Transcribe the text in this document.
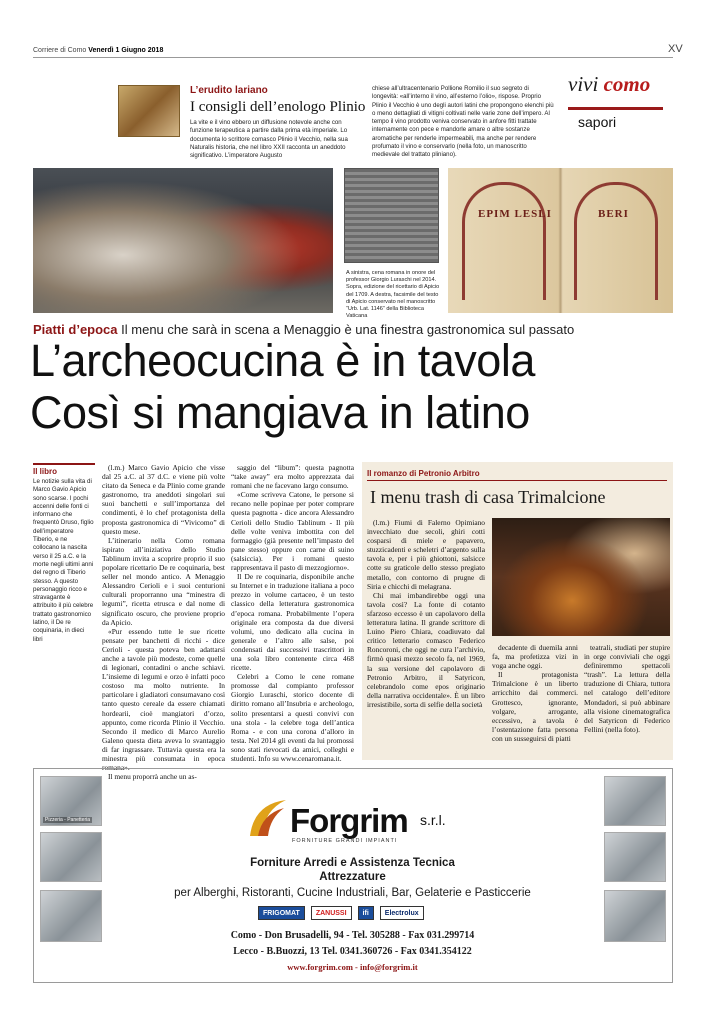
Corriere di Como Venerdì 1 Giugno 2018	XV
vivi como
sapori
L’erudito lariano
I consigli dell’enologo Plinio
La vite e il vino ebbero un diffusione notevole anche con funzione terapeutica a partire dalla prima età imperiale. Lo documenta lo scrittore comasco Plinio il Vecchio, nella sua Naturalis historia, che nel libro XXII racconta un aneddoto significativo. L’imperatore Augusto
chiese all’ultracentenario Pollione Romilio il suo segreto di longevità: «all’interno il vino, all’esterno l’olio», rispose. Proprio Plinio il Vecchio è uno degli autori latini che propongono elenchi più o meno dettagliati di vitigni coltivati nelle varie zone dell’impero. Al tempo il vino prodotto veniva conservato in anfore fitti trattate internamente con pece e mandorle amare o altre sostanze aromatiche per renderle impermeabili, ma anche per rendere profumato il vino e conservarlo (nella foto, un manoscritto medievale del trattato pliniano).
EPIM LESLI	BERI
A sinistra, cena romana in onore del professor Giorgio Luraschi nel 2014. Sopra, edizione del ricettario di Apicio del 1709. A destra, facsimile del testo di Apicio conservato nel manoscritto “Urb. Lat. 1146” della Biblioteca Vaticana
Piatti d’epoca Il menu che sarà in scena a Menaggio è una finestra gastronomica sul passato
L’archeocucina è in tavola
Così si mangiava in latino
Il libro
Le notizie sulla vita di Marco Gavio Apicio sono scarse. I pochi accenni delle fonti ci informano che frequentò Druso, figlio dell’imperatore Tiberio, e ne collocano la nascita verso il 25 a.C. e la morte negli ultimi anni del regno di Tiberio stesso. A questo personaggio ricco e stravagante è attribuito il più celebre trattato gastronomico latino, il De re coquinaria, in dieci libri

(l.m.) Marco Gavio Apicio che visse dal 25 a.C. al 37 d.C. e viene più volte citato da Seneca e da Plinio come grande gastronomo, tra aneddoti singolari sui suoi banchetti e sull’importanza del condimenti, è lo chef protagonista della proposta gastronomica di “Vivicomo” di questo mese.

L’itinerario nella Como romana ispirato all’iniziativa dello Studio Tablinum invita a scoprire proprio il suo popolare ricettario De re coquinaria, best seller nel mondo antico. A Menaggio Alessandro Cerioli e i suoi centurioni culturali proporranno una “minestra di legumi”, ricetta etrusca e dal nome di significato oscuro, che proviene proprio da Apicio.

«Pur essendo tutte le sue ricette pensate per banchetti di ricchi - dice Cerioli - questa poteva ben adattarsi anche a tavole più modeste, come quelle di legionari, contadini o anche schiavi. L’insieme di legumi e orzo è infatti poco costoso ma molto nutriente. In particolare i gladiatori consumavano così tanto questo cereale da essere chiamati hordearii, cioè mangiatori d’orzo, appunto, come ricorda Plinio il Vecchio. Secondo il medico di Marco Aurelio Galeno questa dieta aveva lo svantaggio di far ingrassare. Tuttavia questa era la minestra più consumata in epoca romana».

Il menu proporrà anche un as-

saggio del “libum”: questa pagnotta “take away” era molto apprezzata dai romani che ne facevano largo consumo.

«Come scriveva Catone, le persone si recano nelle popinae per poter comprare questa pagnotta - dice ancora Alessandro Cerioli dello Studio Tablinum - Il più delle volte veniva imbottita con del formaggio (già presente nell’impasto del pane stesso) oppure con carne di suino (salsiccia). Per i romani questo rappresentava il pasto di mezzogiorno».

Il De re coquinaria, disponibile anche su Internet e in traduzione italiana a poco prezzo in volume cartaceo, è un testo classico della letteratura gastronomica d’epoca romana. Probabilmente l’opera originale era composta da due diversi volumi, uno dedicato alla cucina in generale e l’altro alle salse, poi condensati dai successivi trascrittori in una sola libro contenente circa 468 ricette.

Celebri a Como le cene romane promosse dal compianto professor Giorgio Luraschi, storico docente di diritto romano all’Insubria e archeologo, solito presentarsi a questi convivi con una stola - la celebre toga dell’antica Roma - e con una corona d’alloro in testa. Nel 2014 gli eventi da lui promossi sono stati rievocati da amici, colleghi e studenti. Info su www.cenaromana.it.

Il romanzo di Petronio Arbitro
I menu trash di casa Trimalcione

(l.m.) Fiumi di Falerno Opimiano invecchiato due secoli, ghiri cotti cosparsi di miele e papavero, stuzzicadenti e scheletri d’argento sulla tavola e, per i più ghiottoni, salsicce cotte su graticole dello stesso pregiato metallo, con contorno di prugne di Siria e chicchi di melagrana.

Chi mai imbandirebbe oggi una tavola così? La fonte di cotanto sfarzoso eccesso è un capolavoro della letteratura latina. Il grande scrittore di Luino Piero Chiara, coadiuvato dal critico letterario comasco Federico Roncoroni, che oggi ne cura l’archivio, firmò quasi mezzo secolo fa, nel 1969, la sua versione del capolavoro di Petronio Arbitro, il Satyricon, celebrandolo come epos originario della narrativa occidentale». È un libro irresistibile, sorta di selfie della società

decadente di duemila anni fa, ma profetizza vizi in voga anche oggi.

Il protagonista Trimalcione è un liberto arricchito dai commerci. Grottesco, ignorante, volgare, arrogante, eccessivo, a tavola è l’ostentazione fatta persona con un susseguirsi di piatti

teatrali, studiati per stupire in orge conviviali che oggi definiremmo spettacoli “trash”. La lettura della traduzione di Chiara, tuttora nel catalogo dell’editore Mondadori, si può abbinare alla visione cinematografica del Satyricon di Federico Fellini (nella foto).

Pizzeria - Panetteria	Forgrim s.r.l.
FORNITURE GRANDI IMPIANTI
Forniture Arredi e Assistenza Tecnica
Attrezzature
per Alberghi, Ristoranti, Cucine Industriali, Bar, Gelaterie e Pasticcerie
FRIGOMAT	ZANUSSI	ifi	Electrolux
Como - Don Brusadelli, 94 - Tel. 305288 - Fax 031.299714
Lecco - B.Buozzi, 13 Tel. 0341.360726 - Fax 0341.354122
www.forgrim.com - info@forgrim.it
